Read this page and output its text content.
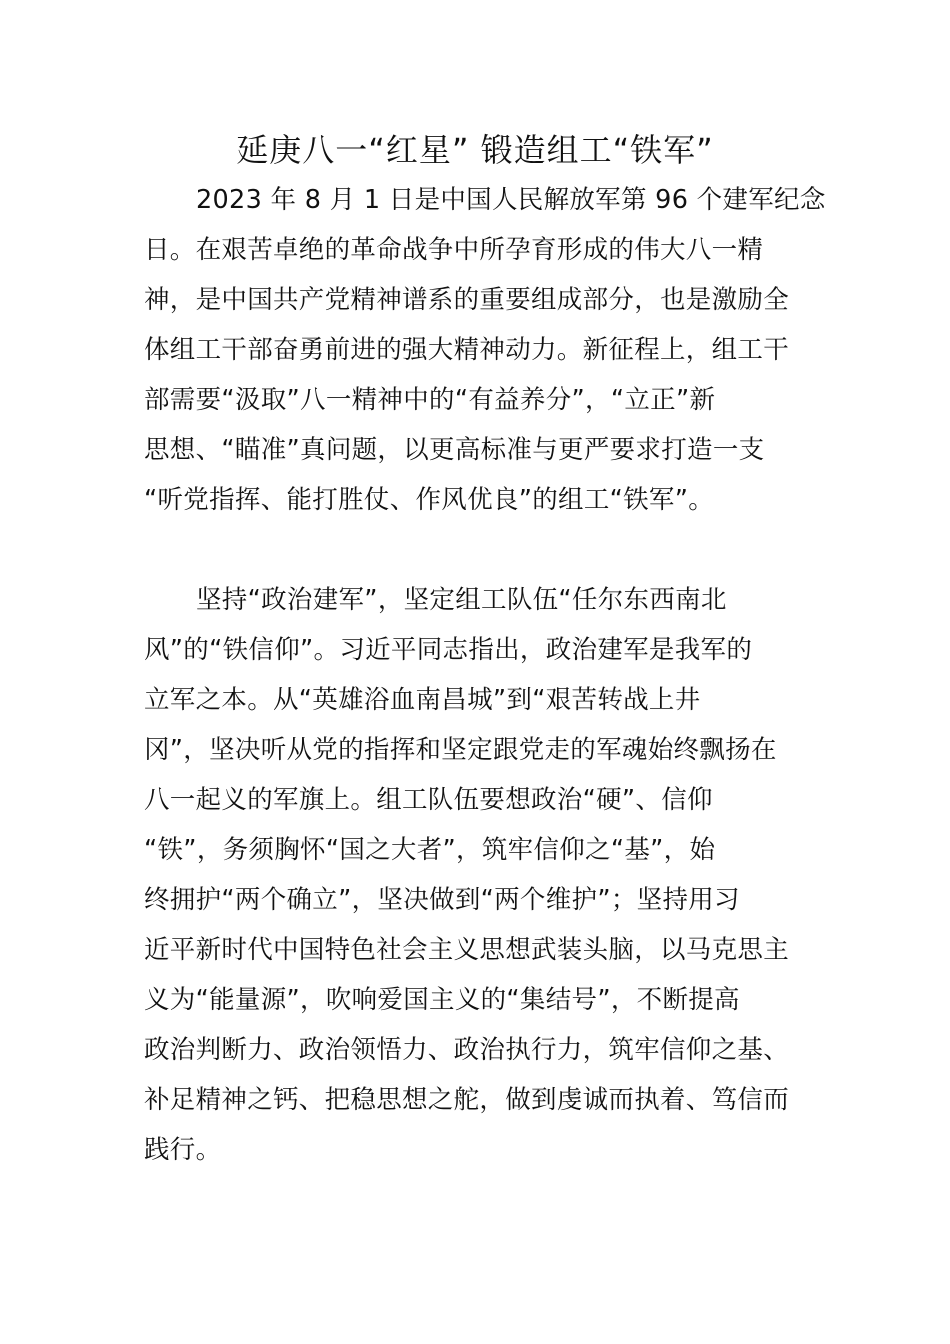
延庚八一“红星” 锻造组工“铁军”
2023 年 8 月 1 日是中国人民解放军第 96 个建军纪念
日。在艰苦卓绝的革命战争中所孕育形成的伟大八一精
神，是中国共产党精神谱系的重要组成部分，也是激励全
体组工干部奋勇前进的强大精神动力。新征程上，组工干
部需要“汲取”八一精神中的“有益养分”，“立正”新
思想、“瞄准”真问题，以更高标准与更严要求打造一支
“听党指挥、能打胜仗、作风优良”的组工“铁军”。
坚持“政治建军”，坚定组工队伍“任尔东西南北
风”的“铁信仰”。习近平同志指出，政治建军是我军的
立军之本。从“英雄浴血南昌城”到“艰苦转战上井
冈”，坚决听从党的指挥和坚定跟党走的军魂始终飘扬在
八一起义的军旗上。组工队伍要想政治“硬”、信仰
“铁”，务须胸怀“国之大者”，筑牢信仰之“基”，始
终拥护“两个确立”，坚决做到“两个维护”；坚持用习
近平新时代中国特色社会主义思想武装头脑，以马克思主
义为“能量源”，吹响爱国主义的“集结号”，不断提高
政治判断力、政治领悟力、政治执行力，筑牢信仰之基、
补足精神之钙、把稳思想之舵，做到虔诚而执着、笃信而
践行。
